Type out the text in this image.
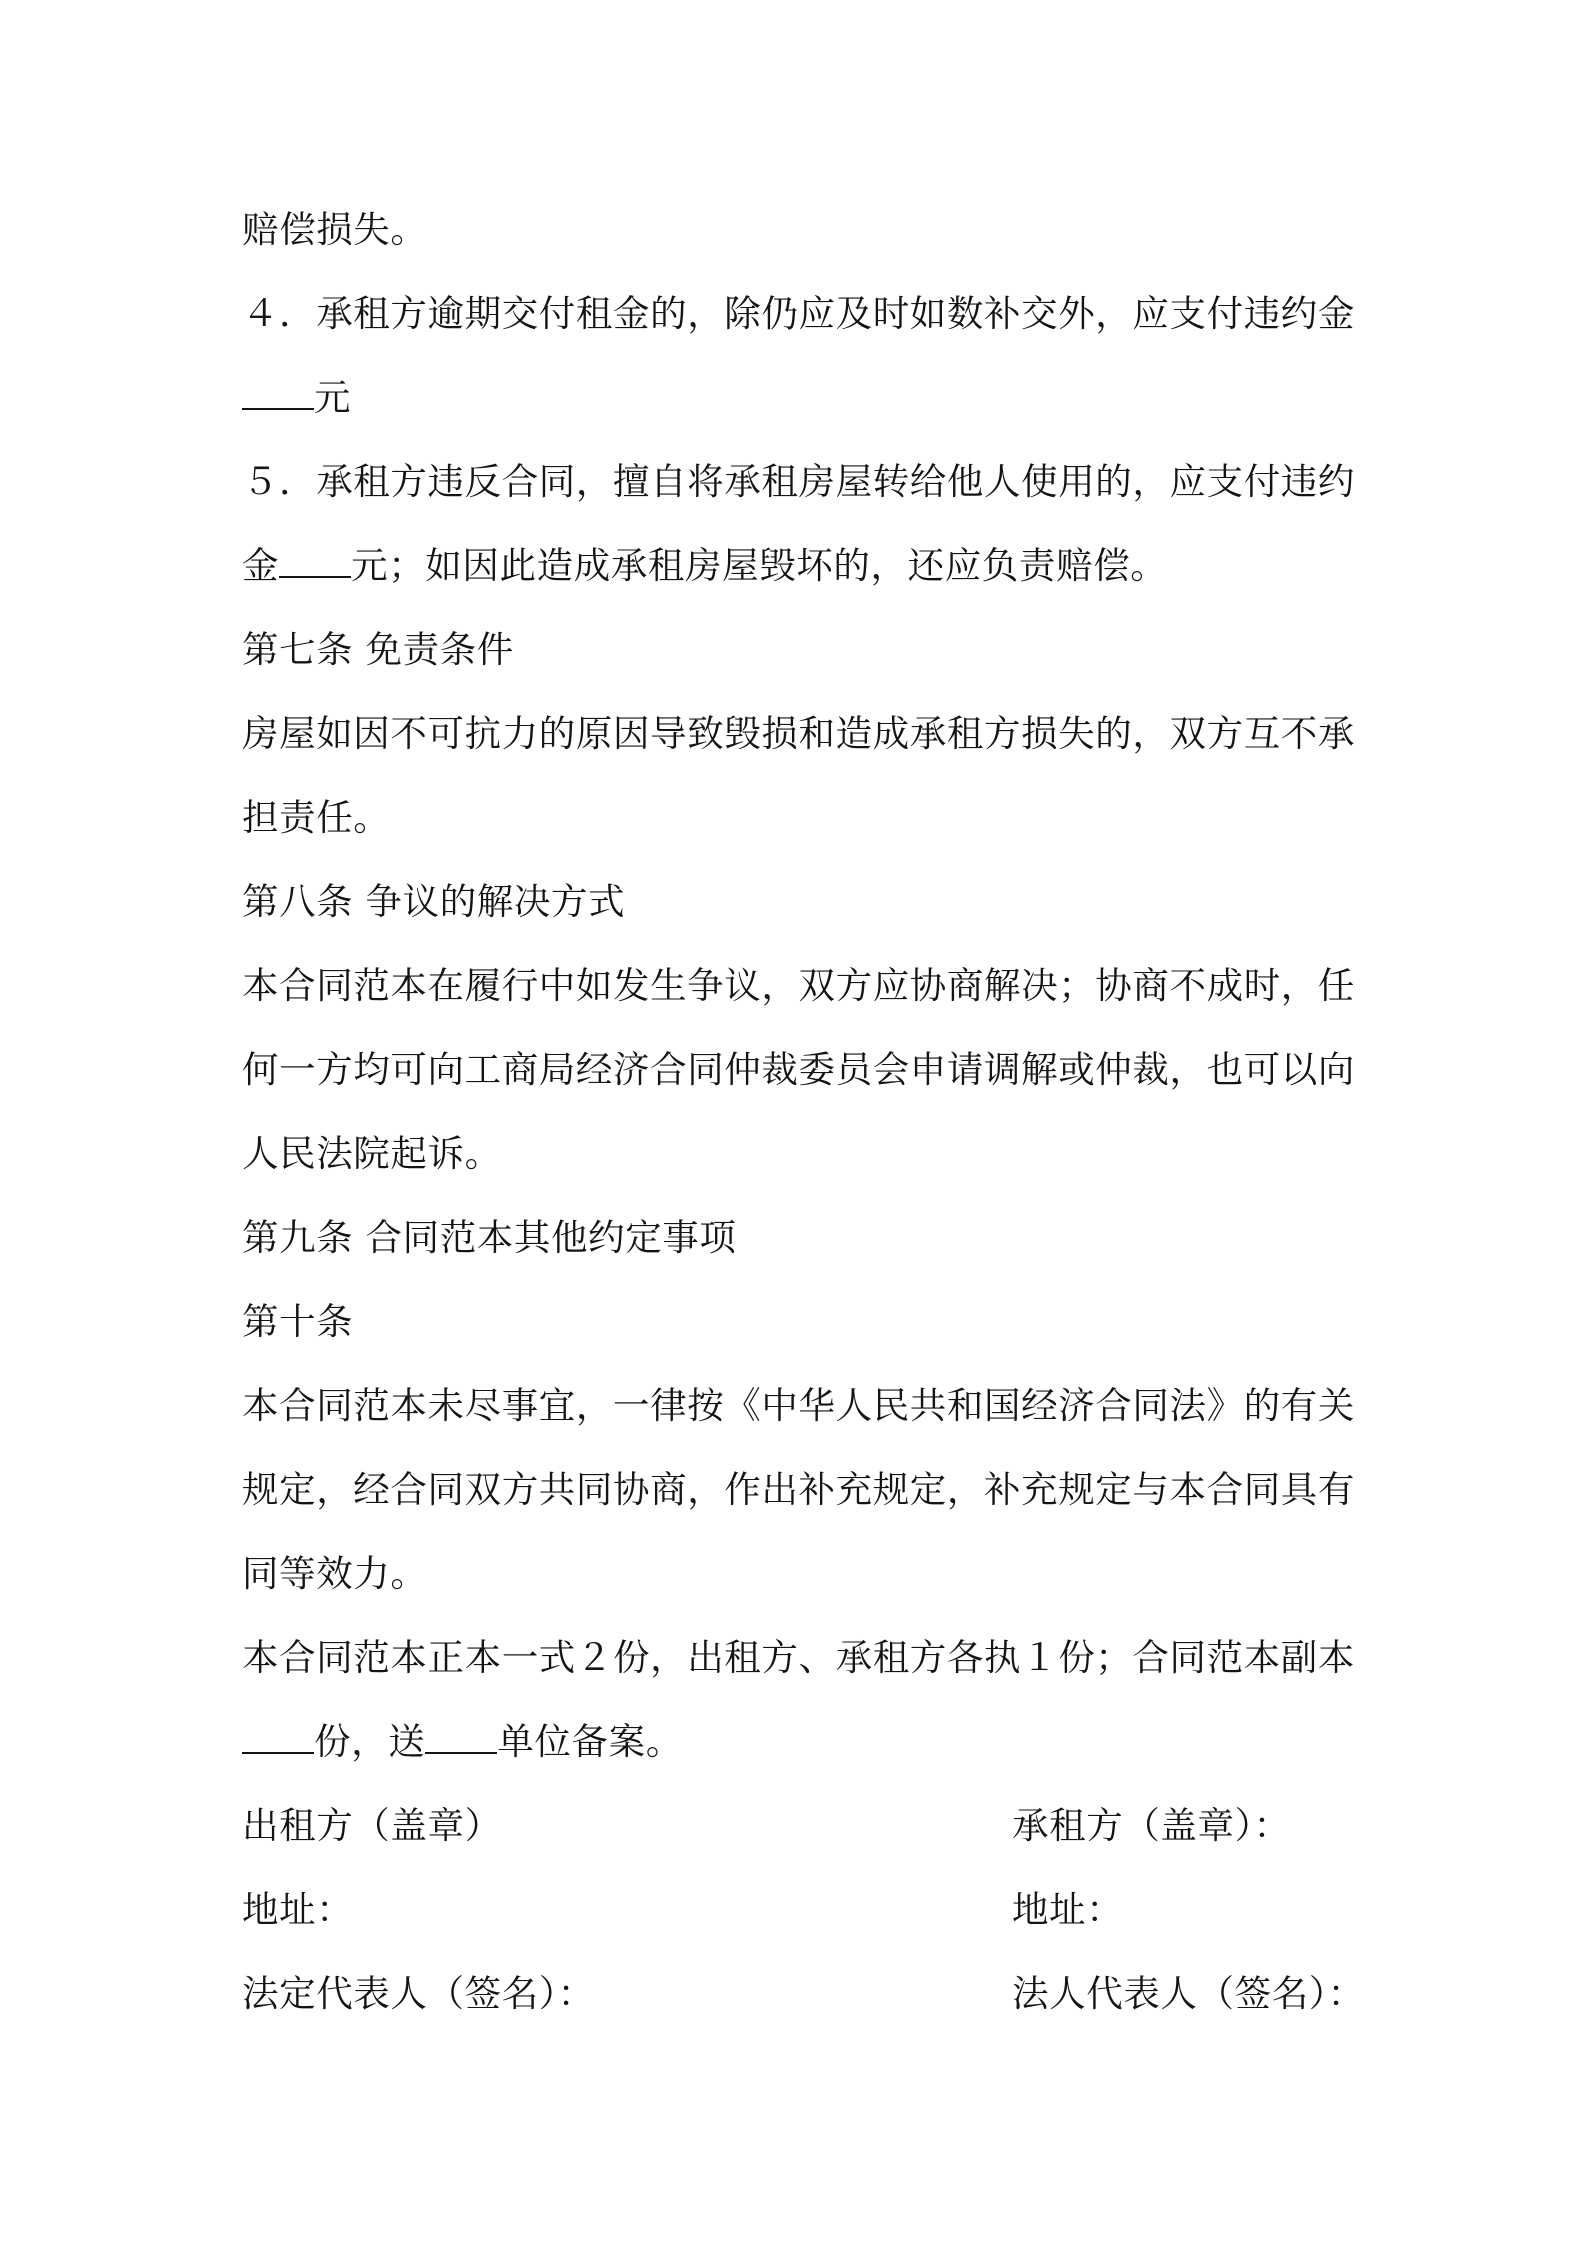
赔偿损失。
４．承租方逾期交付租金的，除仍应及时如数补交外，应支付违约金
元
５．承租方违反合同，擅自将承租房屋转给他人使用的，应支付违约
金 元；如因此造成承租房屋毁坏的，还应负责赔偿。
第七条 免责条件
房屋如因不可抗力的原因导致毁损和造成承租方损失的，双方互不承
担责任。
第八条 争议的解决方式
本合同范本在履行中如发生争议，双方应协商解决；协商不成时，任
何一方均可向工商局经济合同仲裁委员会申请调解或仲裁，也可以向
人民法院起诉。
第九条 合同范本其他约定事项
第十条
本合同范本未尽事宜，一律按《中华人民共和国经济合同法》的有关
规定，经合同双方共同协商，作出补充规定，补充规定与本合同具有
同等效力。
本合同范本正本一式２份，出租方、承租方各执１份；合同范本副本
份，送 单位备案。
出租方（盖章）	承租方（盖章）：
地址：	地址：
法定代表人（签名）：	法人代表人（签名）：
